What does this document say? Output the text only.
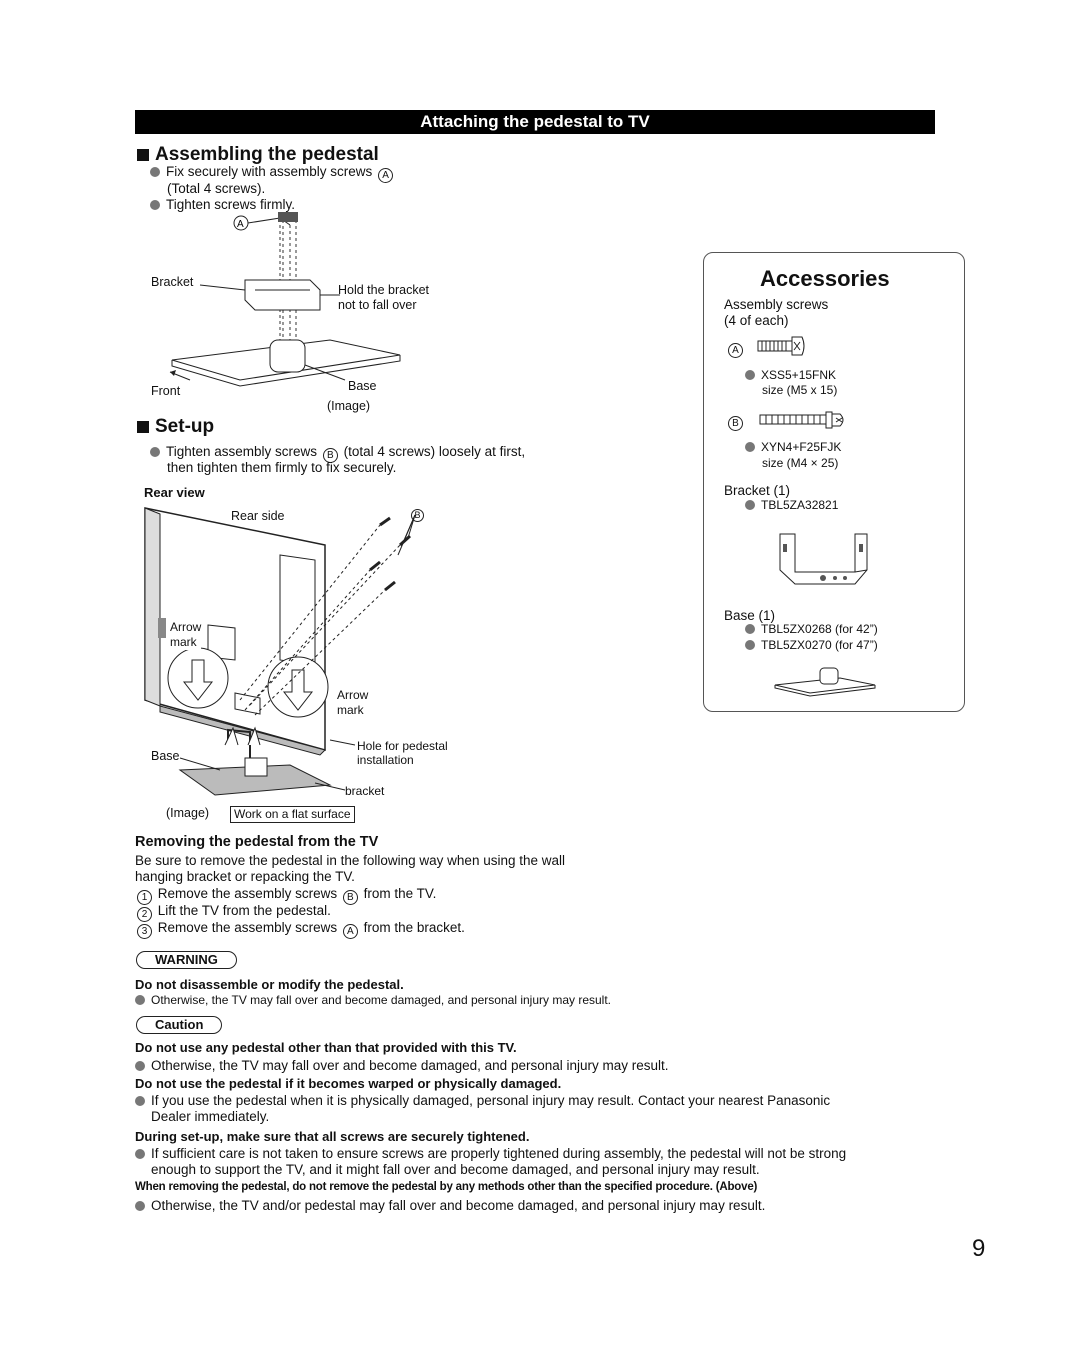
Attaching the pedestal to TV
Assembling the pedestal
Fix securely with assembly screws A
(Total 4 screws).
Tighten screws firmly.
A
Bracket
Hold the bracket
not to fall over
Front	Base
(Image)
Set-up
Tighten assembly screws B (total 4 screws) loosely at first,
then tighten them firmly to fix securely.
Rear view
Rear side	B
Arrow
mark
Arrow
mark
Base
Hole for pedestal
installation
bracket
(Image)	Work on a flat surface
Removing the pedestal from the TV
Be sure to remove the pedestal in the following way when using the wall
hanging bracket or repacking the TV.
1 Remove the assembly screws B from the TV.
2 Lift the TV from the pedestal.
3 Remove the assembly screws A from the bracket.
WARNING
Do not disassemble or modify the pedestal.
Otherwise, the TV may fall over and become damaged, and personal injury may result.
Caution
Do not use any pedestal other than that provided with this TV.
Otherwise, the TV may fall over and become damaged, and personal injury may result.
Do not use the pedestal if it becomes warped or physically damaged.
If you use the pedestal when it is physically damaged, personal injury may result. Contact your nearest Panasonic
Dealer immediately.
During set-up, make sure that all screws are securely tightened.
If sufficient care is not taken to ensure screws are properly tightened during assembly, the pedestal will not be strong
enough to support the TV, and it might fall over and become damaged, and personal injury may result.
When removing the pedestal, do not remove the pedestal by any methods other than the specified procedure. (Above)
Otherwise, the TV and/or pedestal may fall over and become damaged, and personal injury may result.
Accessories
Assembly screws
(4 of each)
A
XSS5+15FNK
size (M5 x 15)
B
XYN4+F25FJK
size (M4 × 25)
Bracket (1)
TBL5ZA32821
Base (1)
TBL5ZX0268 (for 42”)
TBL5ZX0270 (for 47”)
9
